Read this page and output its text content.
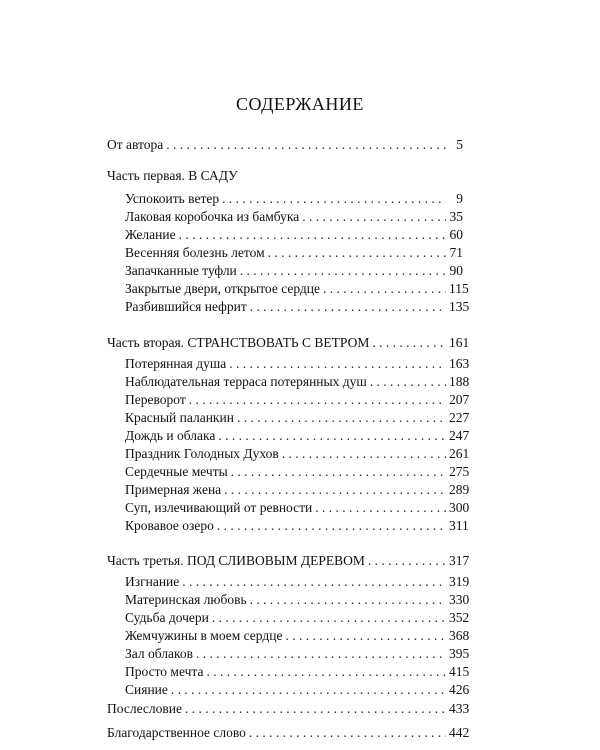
СОДЕРЖАНИЕ
От автора . . .	5
Часть первая. В САДУ
Успокоить ветер . . .	9
Лаковая коробочка из бамбука . . .	35
Желание . . .	60
Весенняя болезнь летом . . .	71
Запачканные туфли . . .	90
Закрытые двери, открытое сердце . . .	115
Разбившийся нефрит . . .	135
Часть вторая. СТРАНСТВОВАТЬ С ВЕТРОМ . . .	161
Потерянная душа . . .	163
Наблюдательная терраса потерянных душ . . .	188
Переворот . . .	207
Красный паланкин . . .	227
Дождь и облака . . .	247
Праздник Голодных Духов . . .	261
Сердечные мечты . . .	275
Примерная жена . . .	289
Суп, излечивающий от ревности . . .	300
Кровавое озеро . . .	311
Часть третья. ПОД СЛИВОВЫМ ДЕРЕВОМ . . .	317
Изгнание . . .	319
Материнская любовь . . .	330
Судьба дочери . . .	352
Жемчужины в моем сердце . . .	368
Зал облаков . . .	395
Просто мечта . . .	415
Сияние . . .	426
Послесловие . . .	433
Благодарственное слово . . .	442
